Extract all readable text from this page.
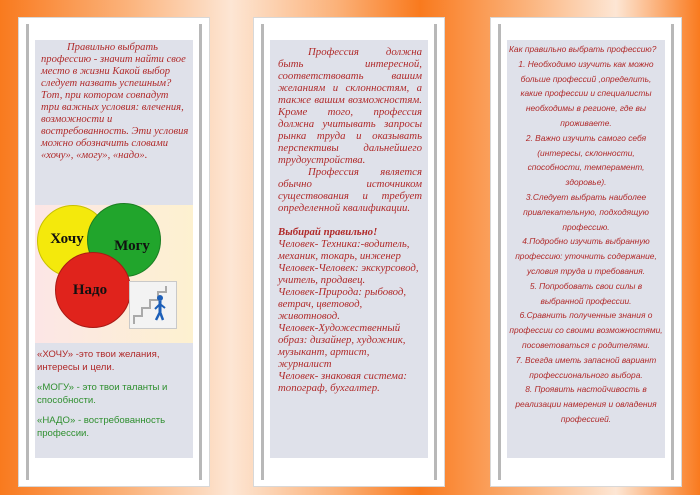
Правильно выбрать профессию - значит найти свое место в жизни Какой выбор следует назвать успешным? Тот, при котором совпадут три важных условия: влечения, возможности и востребованность. Эти условия можно обозначить словами «хочу», «могу», «надо».
Хочу Могу
Надо

«ХОЧУ» -это твои желания, интересы и цели.

«МОГУ» - это твои таланты и способности.

«НАДО» - востребованность профессии.

Профессия должна быть интересной, соответствовать вашим желаниям и склонностям, а также вашим возможностям. Кроме того, профессия должна учитывать запросы рынка труда и оказывать перспективы дальнейшего трудоустройства.

Профессия является обычно источником существования и требует определенной квалификации.

Выбирай правильно!

Человек- Техника:-водитель, механик, токарь, инженер

Человек-Человек: экскурсовод, учитель, продавец.

Человек-Природа: рыбовод, ветрач, цветовод, животновод.

Человек-Художественный образ: дизайнер, художник, музыкант, артист, журналист

Человек- знаковая система: топограф, бухгалтер.

Как правильно выбрать профессию?

1. Необходимо изучить как можно больше профессий ,определить, какие профессии и специалисты необходимы в регионе, где вы проживаете.

2. Важно изучить самого себя (интересы, склонности, способности, темперамент, здоровье).

3.Следует выбрать наиболее привлекательную, подходящую профессию.

4.Подробно изучить выбранную профессию: уточнить содержание, условия труда и требования.

5. Попробовать свои силы в выбранной профессии.

6.Сравнить полученные знания о профессии со своими возможностями, посоветоваться с родителями.

7. Всегда иметь запасной вариант профессионального выбора.

8. Проявить настойчивость в реализации намерения и овладения профессией.
